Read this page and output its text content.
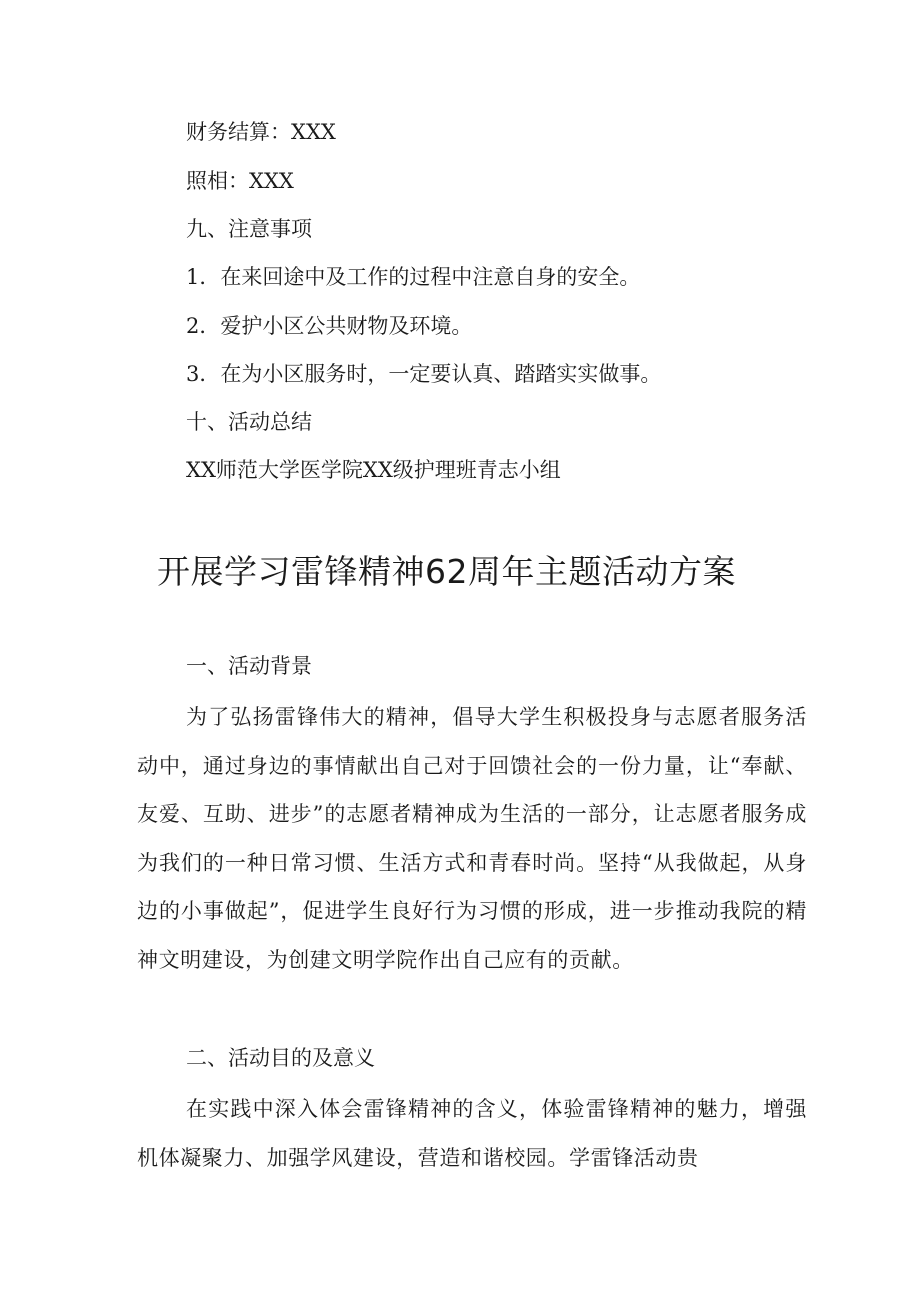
财务结算：XXX
照相：XXX
九、注意事项
1．在来回途中及工作的过程中注意自身的安全。
2．爱护小区公共财物及环境。
3．在为小区服务时，一定要认真、踏踏实实做事。
十、活动总结
XX师范大学医学院XX级护理班青志小组
开展学习雷锋精神62周年主题活动方案
一、活动背景
为了弘扬雷锋伟大的精神，倡导大学生积极投身与志愿者服务活动中，通过身边的事情献出自己对于回馈社会的一份力量，让“奉献、友爱、互助、进步”的志愿者精神成为生活的一部分，让志愿者服务成为我们的一种日常习惯、生活方式和青春时尚。坚持“从我做起，从身边的小事做起”，促进学生良好行为习惯的形成，进一步推动我院的精神文明建设，为创建文明学院作出自己应有的贡献。
二、活动目的及意义
在实践中深入体会雷锋精神的含义，体验雷锋精神的魅力，增强机体凝聚力、加强学风建设，营造和谐校园。学雷锋活动贵
